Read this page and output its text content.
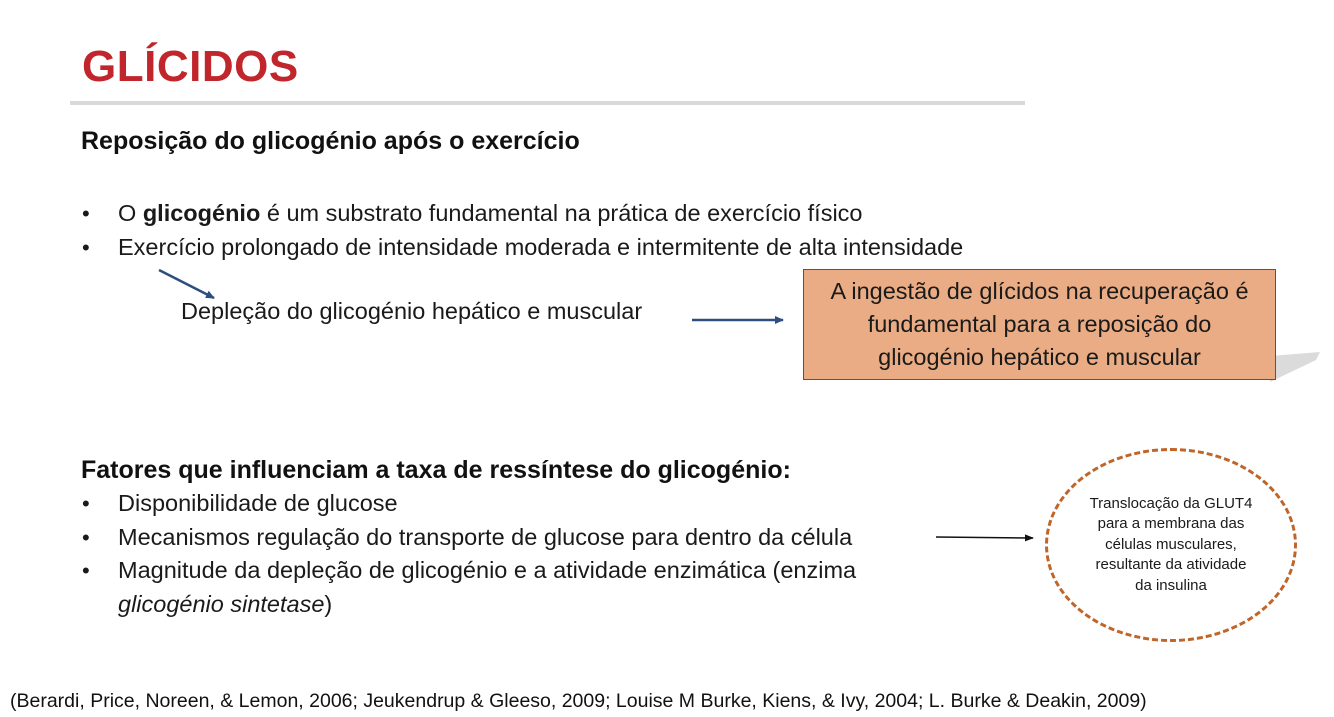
GLÍCIDOS
Reposição do glicogénio após o exercício
• O glicogénio é um substrato fundamental na prática de exercício físico
• Exercício prolongado de intensidade moderada e intermitente de alta intensidade
Depleção do glicogénio hepático e muscular
A ingestão de glícidos na recuperação é
fundamental para a reposição do
glicogénio hepático e muscular
Fatores que influenciam a taxa de ressíntese do glicogénio:
• Disponibilidade de glucose
• Mecanismos regulação do transporte de glucose para dentro da célula
• Magnitude da depleção de glicogénio e a atividade enzimática (enzima
glicogénio sintetase)
Translocação da GLUT4
para a membrana das
células musculares,
resultante da atividade
da insulina
(Berardi, Price, Noreen, & Lemon, 2006; Jeukendrup & Gleeso, 2009; Louise M Burke, Kiens, & Ivy, 2004; L. Burke & Deakin, 2009)
